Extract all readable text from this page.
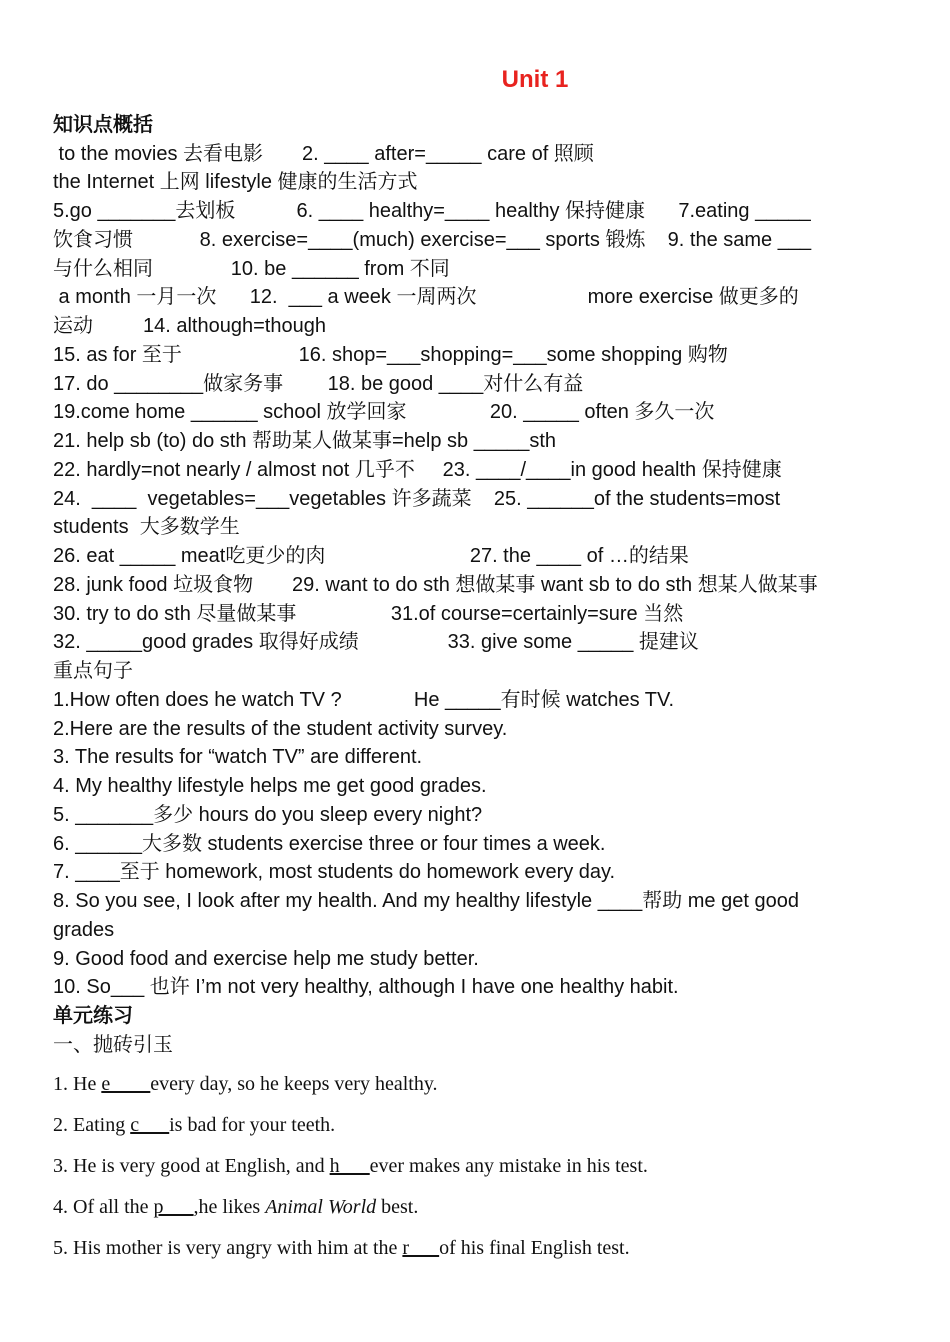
Unit 1
知识点概括
to the movies 去看电影       2. ____ after=_____ care of 照顾
the Internet 上网 lifestyle 健康的生活方式
5.go _______去划板           6. ____ healthy=____ healthy 保持健康      7.eating _____
饮食习惯            8. exercise=____(much) exercise=___ sports 锻炼    9. the same ___
与什么相同              10. be ______ from 不同
a month 一月一次      12.  ___ a week 一周两次                    more exercise 做更多的
运动         14. although=though
15. as for 至于                     16. shop=___shopping=___some shopping 购物
17. do ________做家务事        18. be good ____对什么有益
19.come home ______ school 放学回家               20. _____ often 多久一次
21. help sb (to) do sth 帮助某人做某事=help sb _____sth
22. hardly=not nearly / almost not 几乎不     23. ____/____in good health 保持健康
24.  ____  vegetables=___vegetables 许多蔬菜    25. ______of the students=most
students  大多数学生
26. eat _____ meat吃更少的肉                          27. the ____ of …的结果
28. junk food 垃圾食物       29. want to do sth 想做某事 want sb to do sth 想某人做某事
30. try to do sth 尽量做某事                 31.of course=certainly=sure 当然
32. _____good grades 取得好成绩                33. give some _____ 提建议
重点句子
1.How often does he watch TV ?             He _____有时候 watches TV.
2.Here are the results of the student activity survey.
3. The results for “watch TV” are different.
4. My healthy lifestyle helps me get good grades.
5. _______多少 hours do you sleep every night?
6. ______大多数 students exercise three or four times a week.
7. ____至于 homework, most students do homework every day.
8. So you see, I look after my health. And my healthy lifestyle ____帮助 me get good
grades
9. Good food and exercise help me study better.
10. So___ 也许 I’m not very healthy, although I have one healthy habit.
单元练习
一、抛砖引玉
1. He e____every day, so he keeps very healthy.
2. Eating c___is bad for your teeth.
3. He is very good at English, and h___ever makes any mistake in his test.
4. Of all the p___,he likes Animal World best.
5. His mother is very angry with him at the r___of his final English test.
